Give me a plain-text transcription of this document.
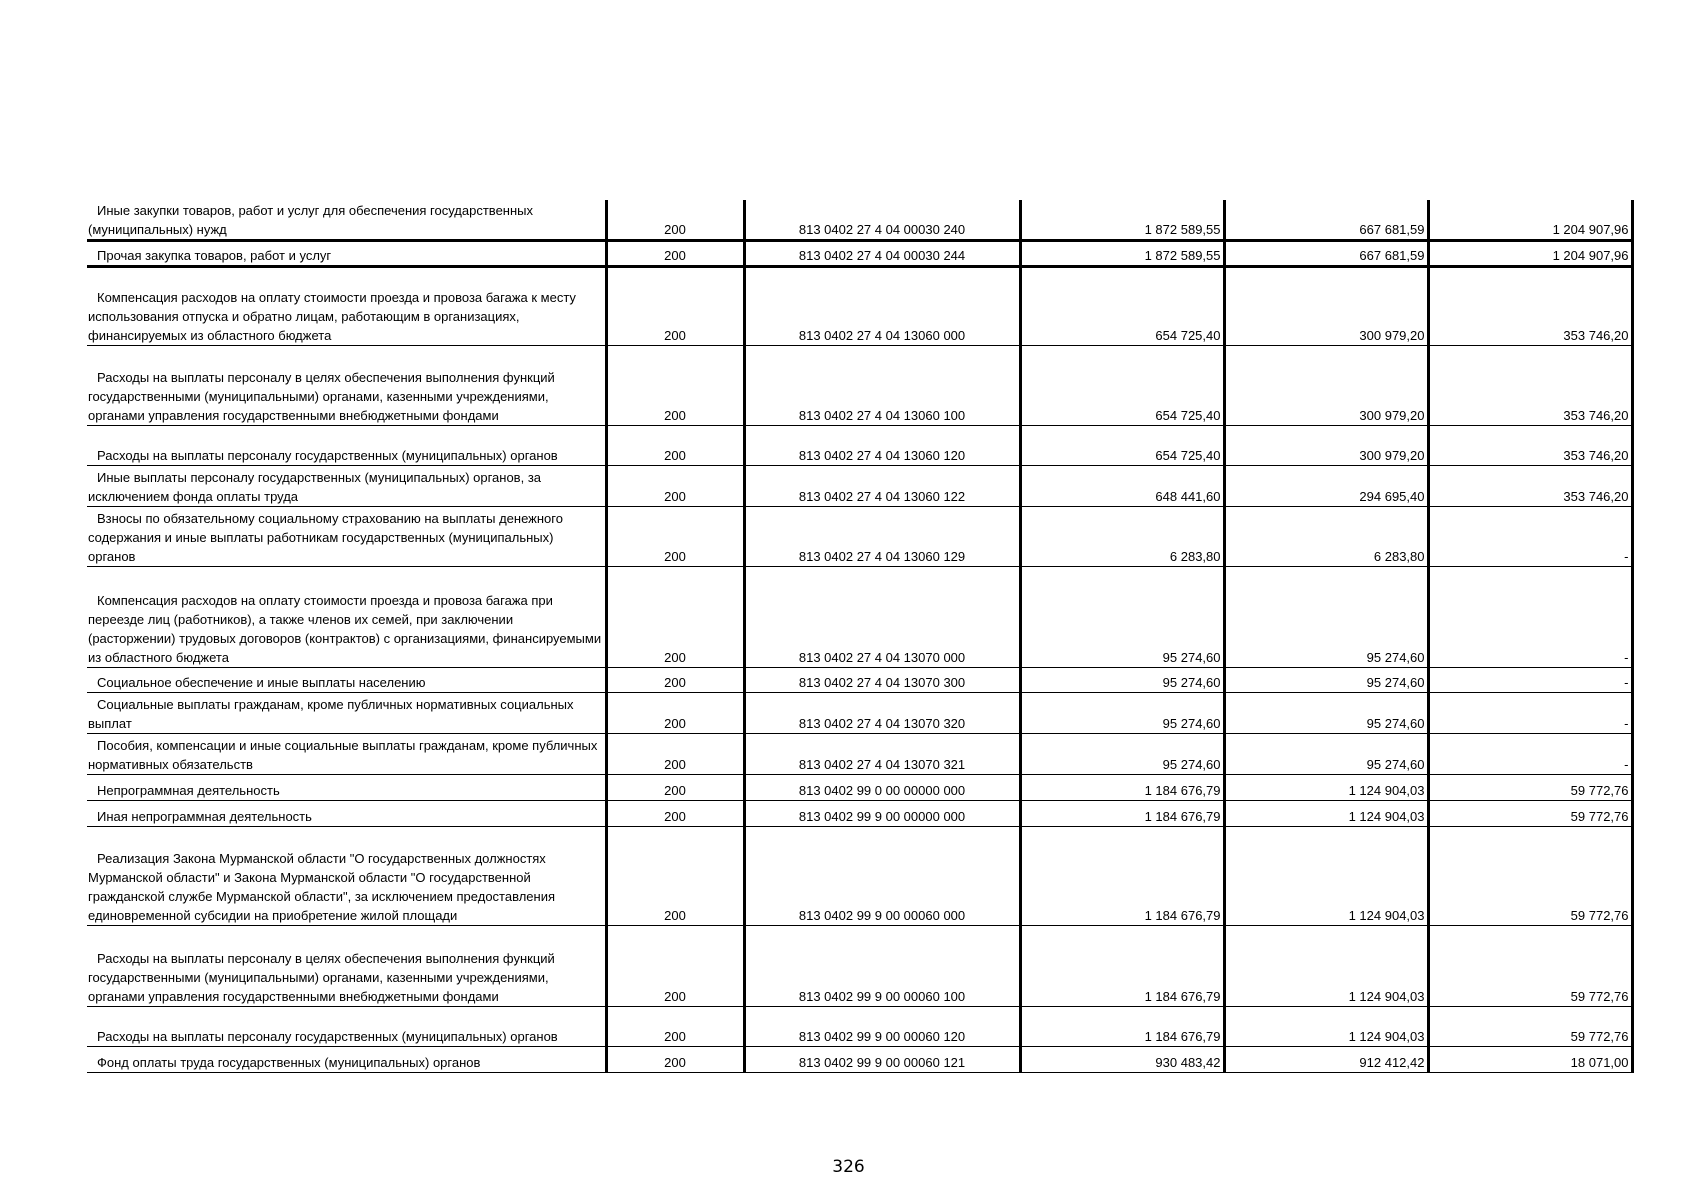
Иные закупки товаров, работ и услуг для обеспечения государственных (муниципальных) нужд	200	813 0402 27 4 04 00030 240	1 872 589,55	667 681,59	1 204 907,96
Прочая закупка товаров, работ и услуг	200	813 0402 27 4 04 00030 244	1 872 589,55	667 681,59	1 204 907,96
Компенсация расходов на оплату стоимости проезда и провоза багажа к месту использования отпуска и обратно лицам, работающим в организациях, финансируемых из областного бюджета	200	813 0402 27 4 04 13060 000	654 725,40	300 979,20	353 746,20
Расходы на выплаты персоналу в целях обеспечения выполнения функций государственными (муниципальными) органами, казенными учреждениями, органами управления государственными внебюджетными фондами	200	813 0402 27 4 04 13060 100	654 725,40	300 979,20	353 746,20
Расходы на выплаты персоналу государственных (муниципальных) органов	200	813 0402 27 4 04 13060 120	654 725,40	300 979,20	353 746,20
Иные выплаты персоналу государственных (муниципальных) органов, за исключением фонда оплаты труда	200	813 0402 27 4 04 13060 122	648 441,60	294 695,40	353 746,20
Взносы по обязательному социальному страхованию на выплаты денежного содержания и иные выплаты работникам государственных (муниципальных) органов	200	813 0402 27 4 04 13060 129	6 283,80	6 283,80	-
Компенсация расходов на оплату стоимости проезда и провоза багажа при переезде лиц (работников), а также членов их семей, при заключении (расторжении) трудовых договоров (контрактов) с организациями, финансируемыми из областного бюджета	200	813 0402 27 4 04 13070 000	95 274,60	95 274,60	-
Социальное обеспечение и иные выплаты населению	200	813 0402 27 4 04 13070 300	95 274,60	95 274,60	-
Социальные выплаты гражданам, кроме публичных нормативных социальных выплат	200	813 0402 27 4 04 13070 320	95 274,60	95 274,60	-
Пособия, компенсации и иные социальные выплаты гражданам, кроме публичных нормативных обязательств	200	813 0402 27 4 04 13070 321	95 274,60	95 274,60	-
Непрограммная деятельность	200	813 0402 99 0 00 00000 000	1 184 676,79	1 124 904,03	59 772,76
Иная непрограммная деятельность	200	813 0402 99 9 00 00000 000	1 184 676,79	1 124 904,03	59 772,76
Реализация Закона Мурманской области "О государственных должностях Мурманской области" и Закона Мурманской области "О государственной гражданской службе Мурманской области", за исключением предоставления единовременной субсидии на приобретение жилой площади	200	813 0402 99 9 00 00060 000	1 184 676,79	1 124 904,03	59 772,76
Расходы на выплаты персоналу в целях обеспечения выполнения функций государственными (муниципальными) органами, казенными учреждениями, органами управления государственными внебюджетными фондами	200	813 0402 99 9 00 00060 100	1 184 676,79	1 124 904,03	59 772,76
Расходы на выплаты персоналу государственных (муниципальных) органов	200	813 0402 99 9 00 00060 120	1 184 676,79	1 124 904,03	59 772,76
Фонд оплаты труда государственных (муниципальных) органов	200	813 0402 99 9 00 00060 121	930 483,42	912 412,42	18 071,00
326
